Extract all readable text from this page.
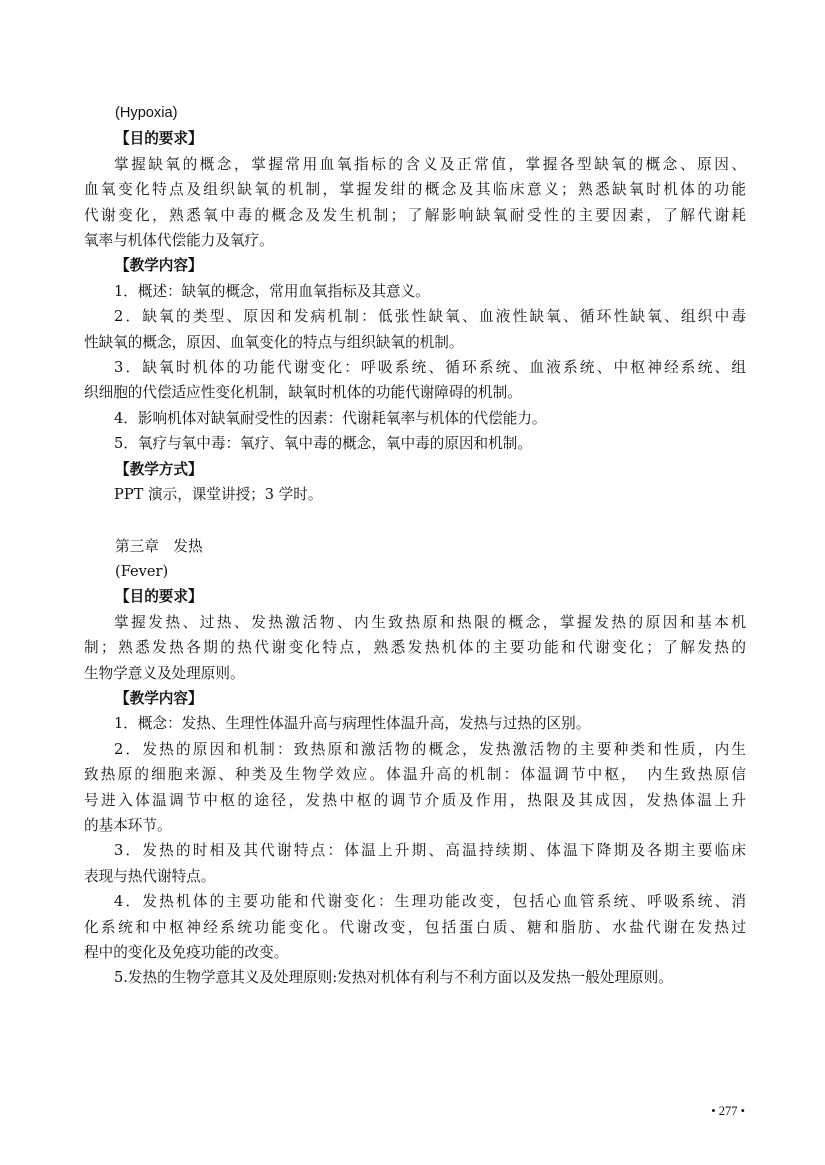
(Hypoxia)
【目的要求】
掌握缺氧的概念，掌握常用血氧指标的含义及正常值，掌握各型缺氧的概念、原因、
血氧变化特点及组织缺氧的机制，掌握发绀的概念及其临床意义；熟悉缺氧时机体的功能
代谢变化，熟悉氧中毒的概念及发生机制；了解影响缺氧耐受性的主要因素，了解代谢耗
氧率与机体代偿能力及氧疗。
【教学内容】
1．概述：缺氧的概念，常用血氧指标及其意义。
2．缺氧的类型、原因和发病机制：低张性缺氧、血液性缺氧、循环性缺氧、组织中毒
性缺氧的概念，原因、血氧变化的特点与组织缺氧的机制。
3．缺氧时机体的功能代谢变化：呼吸系统、循环系统、血液系统、中枢神经系统、组
织细胞的代偿适应性变化机制，缺氧时机体的功能代谢障碍的机制。
4．影响机体对缺氧耐受性的因素：代谢耗氧率与机体的代偿能力。
5．氧疗与氧中毒：氧疗、氧中毒的概念，氧中毒的原因和机制。
【教学方式】
PPT 演示，课堂讲授；3 学时。
第三章　发热
(Fever)
【目的要求】
掌握发热、过热、发热激活物、内生致热原和热限的概念，掌握发热的原因和基本机
制；熟悉发热各期的热代谢变化特点，熟悉发热机体的主要功能和代谢变化；了解发热的
生物学意义及处理原则。
【教学内容】
1．概念：发热、生理性体温升高与病理性体温升高，发热与过热的区别。
2．发热的原因和机制：致热原和激活物的概念，发热激活物的主要种类和性质，内生
致热原的细胞来源、种类及生物学效应。体温升高的机制：体温调节中枢，　内生致热原信
号进入体温调节中枢的途径，发热中枢的调节介质及作用，热限及其成因，发热体温上升
的基本环节。
3．发热的时相及其代谢特点：体温上升期、高温持续期、体温下降期及各期主要临床
表现与热代谢特点。
4．发热机体的主要功能和代谢变化：生理功能改变，包括心血管系统、呼吸系统、消
化系统和中枢神经系统功能变化。代谢改变，包括蛋白质、糖和脂肪、水盐代谢在发热过
程中的变化及免疫功能的改变。
5.发热的生物学意其义及处理原则:发热对机体有利与不利方面以及发热一般处理原则。
• 277 •
